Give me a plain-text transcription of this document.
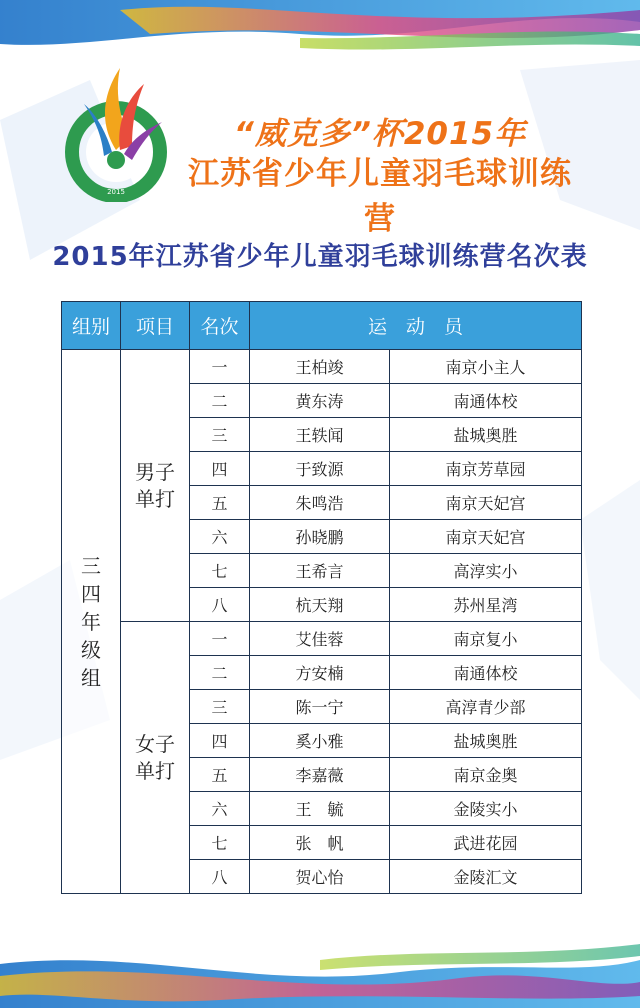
2015
“威克多”杯2015年
江苏省少年儿童羽毛球训练营
2015年江苏省少年儿童羽毛球训练营名次表
组别	项目	名次	运　动　员	
三四年级组	男子单打	一	王柏竣	南京小主人
		二	黄东涛	南通体校
		三	王轶闻	盐城奥胜
		四	于致源	南京芳草园
		五	朱鸣浩	南京天妃宫
		六	孙晓鹏	南京天妃宫
		七	王希言	高淳实小
		八	杭天翔	苏州星湾
	女子单打	一	艾佳蓉	南京复小
		二	方安楠	南通体校
		三	陈一宁	高淳青少部
		四	奚小雅	盐城奥胜
		五	李嘉薇	南京金奥
		六	王　毓	金陵实小
		七	张　帆	武进花园
		八	贺心怡	金陵汇文
